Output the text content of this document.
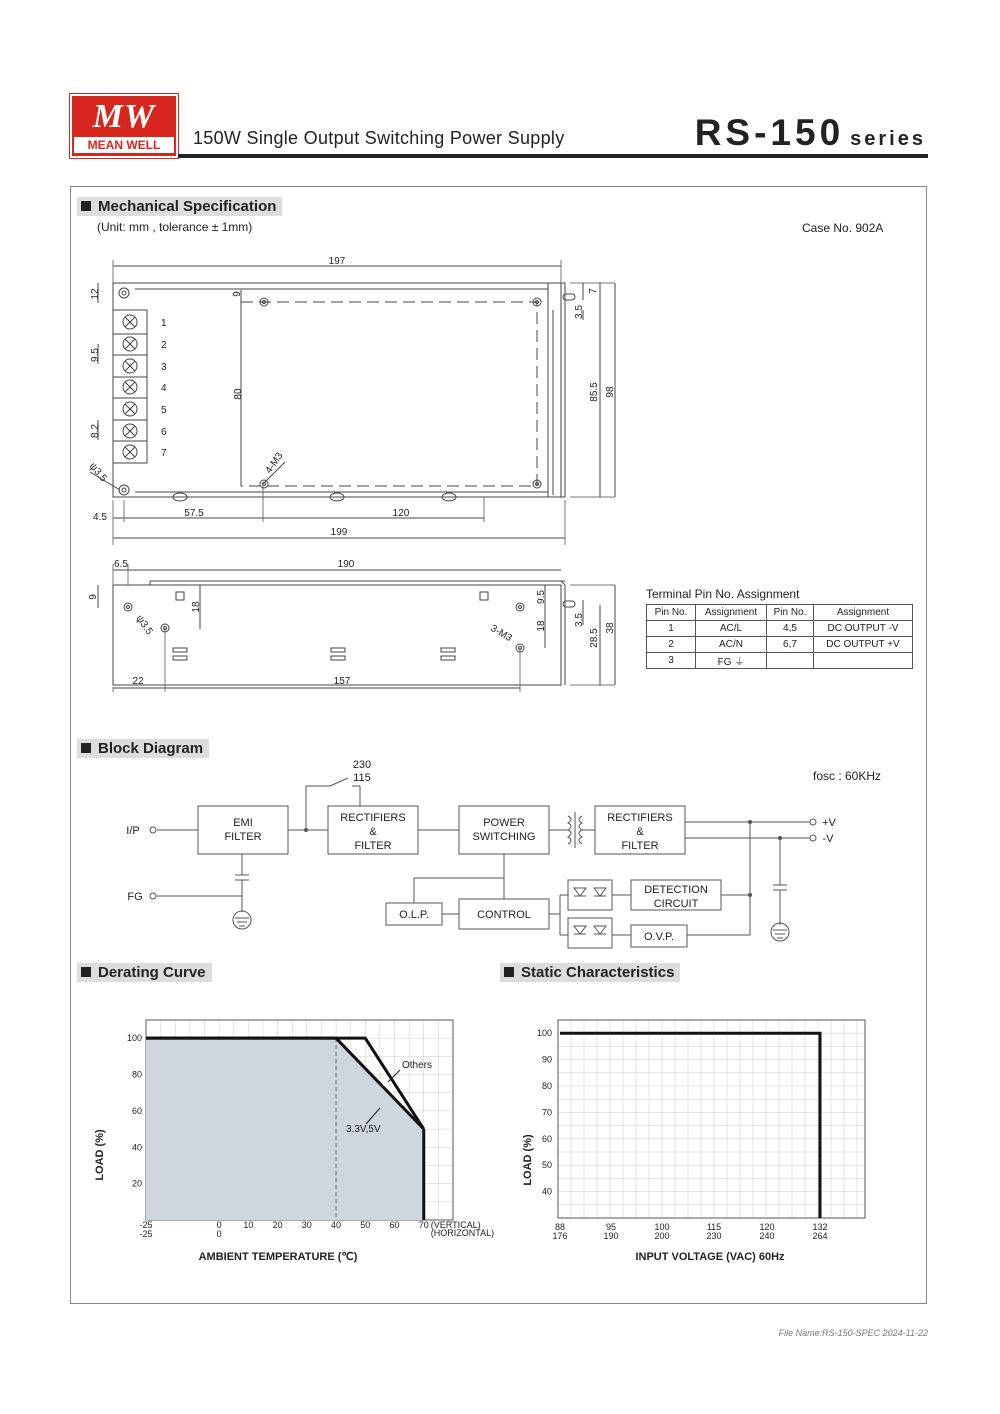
MW
MEAN WELL	150W Single Output Switching Power Supply	RS-150 series
Mechanical Specification
(Unit: mm , tolerance ± 1mm)	Case No. 902A
197
12	9
9.5
8.2
80
3.5
7
85.5 98
ψ3.5	4-M3
4.5	57.5	120
199
1
2
3
4
5
6
7
6.5	190
9
18
ψ3.5
9.5
18
3-M3
3.5
28.5
38
22	157
Terminal Pin No. Assignment
Pin No.	Assignment	Pin No.	Assignment
1	AC/L	4,5	DC OUTPUT -V
2	AC/N	6,7	DC OUTPUT +V
3	FG ⏚		
Block Diagram
fosc : 60KHz
I/P
FG
230
115
EMI
FILTER
RECTIFIERS
&
FILTER
POWER
SWITCHING
RECTIFIERS
&
FILTER
+V
-V
DETECTION
CIRCUIT
O.L.P.	CONTROL
O.V.P.
Derating Curve
100
80
60
40
20
-25	0 10 20 30 40 50 60 70
-25	0
(VERTICAL)
(HORIZONTAL)
Others
3.3V,5V
AMBIENT TEMPERATURE (℃)
LOAD (%)
Static Characteristics
100
90
80
70
60
50
40
88	95	100	115	120	132
176	190	200	230	240	264
INPUT VOLTAGE (VAC) 60Hz
LOAD (%)
File Name:RS-150-SPEC 2024-11-22
